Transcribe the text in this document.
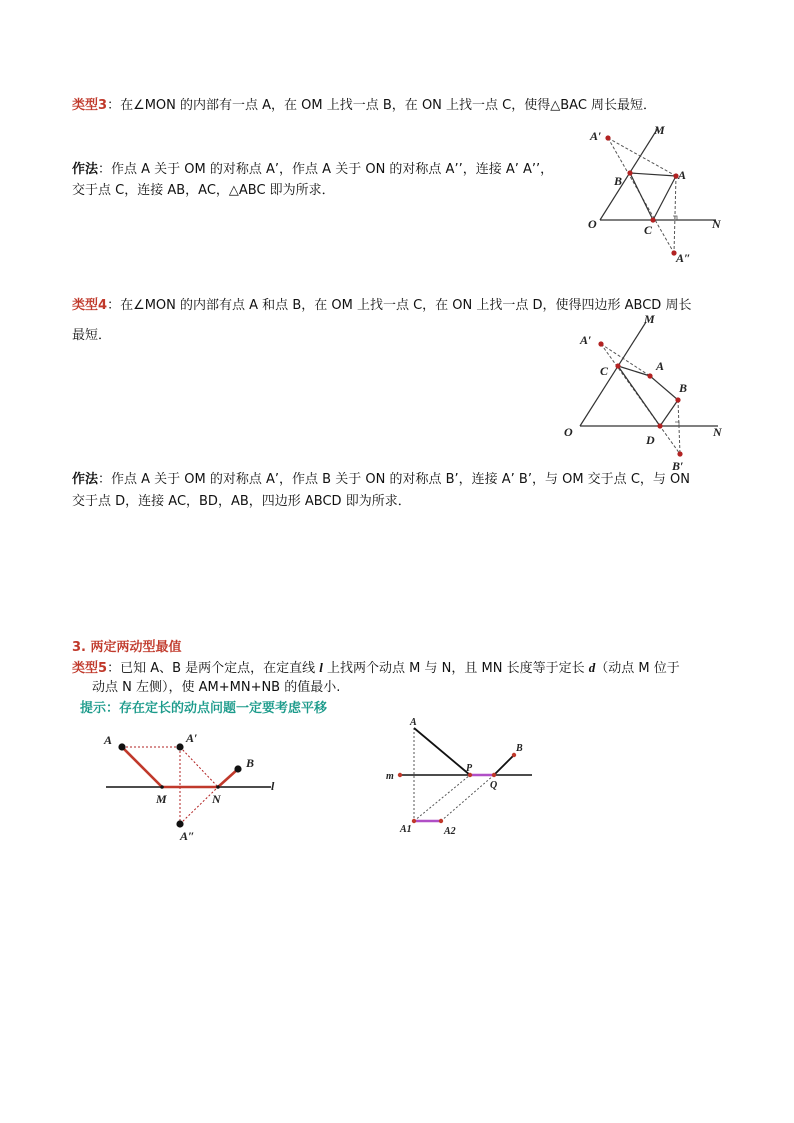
类型3：在∠MON 的内部有一点 A，在 OM 上找一点 B，在 ON 上找一点 C，使得△BAC 周长最短．
作法：作点 A 关于 OM 的对称点 A’，作点 A 关于 ON 的对称点 A’’，连接 A’ A’’，
交于点 C，连接 AB，AC，△ABC 即为所求．
O
M
N
A
B
C
A′
A″
类型4：在∠MON 的内部有点 A 和点 B，在 OM 上找一点 C，在 ON 上找一点 D，使得四边形 ABCD 周长
最短．
O
M
N
A
B
C
D
A′
B′
作法：作点 A 关于 OM 的对称点 A’，作点 B 关于 ON 的对称点 B’，连接 A’ B’，与 OM 交于点 C，与 ON
交于点 D，连接 AC，BD，AB，四边形 ABCD 即为所求．
3. 两定两动型最值
类型5：已知 A、B 是两个定点，在定直线 l 上找两个动点 M 与 N，且 MN 长度等于定长 d（动点 M 位于
动点 N 左侧），使 AM+MN+NB 的值最小.
提示：存在定长的动点问题一定要考虑平移
A	A′
B
l
M	N
A″
A
B
m
P
Q
A1	A2
